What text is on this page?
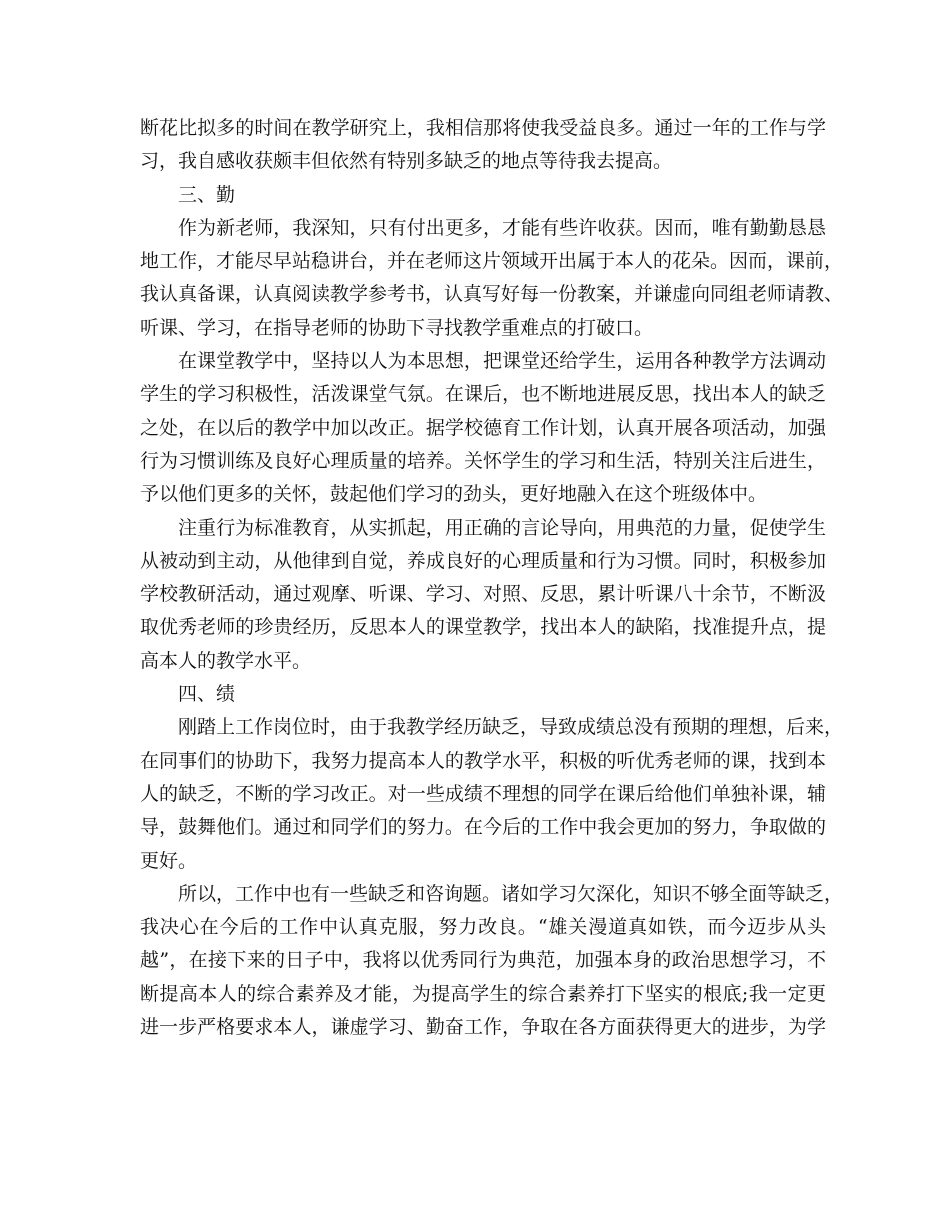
断花比拟多的时间在教学研究上，我相信那将使我受益良多。通过一年的工作与学
习，我自感收获颇丰但依然有特别多缺乏的地点等待我去提高。
三、勤
作为新老师，我深知，只有付出更多，才能有些许收获。因而，唯有勤勤恳恳
地工作，才能尽早站稳讲台，并在老师这片领域开出属于本人的花朵。因而，课前，
我认真备课，认真阅读教学参考书，认真写好每一份教案，并谦虚向同组老师请教、
听课、学习，在指导老师的协助下寻找教学重难点的打破口。
在课堂教学中，坚持以人为本思想，把课堂还给学生，运用各种教学方法调动
学生的学习积极性，活泼课堂气氛。在课后，也不断地进展反思，找出本人的缺乏
之处，在以后的教学中加以改正。据学校德育工作计划，认真开展各项活动，加强
行为习惯训练及良好心理质量的培养。关怀学生的学习和生活，特别关注后进生，
予以他们更多的关怀，鼓起他们学习的劲头，更好地融入在这个班级体中。
注重行为标准教育，从实抓起，用正确的言论导向，用典范的力量，促使学生
从被动到主动，从他律到自觉，养成良好的心理质量和行为习惯。同时，积极参加
学校教研活动，通过观摩、听课、学习、对照、反思，累计听课八十余节，不断汲
取优秀老师的珍贵经历，反思本人的课堂教学，找出本人的缺陷，找准提升点，提
高本人的教学水平。
四、绩
刚踏上工作岗位时，由于我教学经历缺乏，导致成绩总没有预期的理想，后来，
在同事们的协助下，我努力提高本人的教学水平，积极的听优秀老师的课，找到本
人的缺乏，不断的学习改正。对一些成绩不理想的同学在课后给他们单独补课，辅
导，鼓舞他们。通过和同学们的努力。在今后的工作中我会更加的努力，争取做的
更好。
所以，工作中也有一些缺乏和咨询题。诸如学习欠深化，知识不够全面等缺乏，
我决心在今后的工作中认真克服，努力改良。“雄关漫道真如铁，而今迈步从头
越”，在接下来的日子中，我将以优秀同行为典范，加强本身的政治思想学习，不
断提高本人的综合素养及才能，为提高学生的综合素养打下坚实的根底;我一定更
进一步严格要求本人，谦虚学习、勤奋工作，争取在各方面获得更大的进步，为学
